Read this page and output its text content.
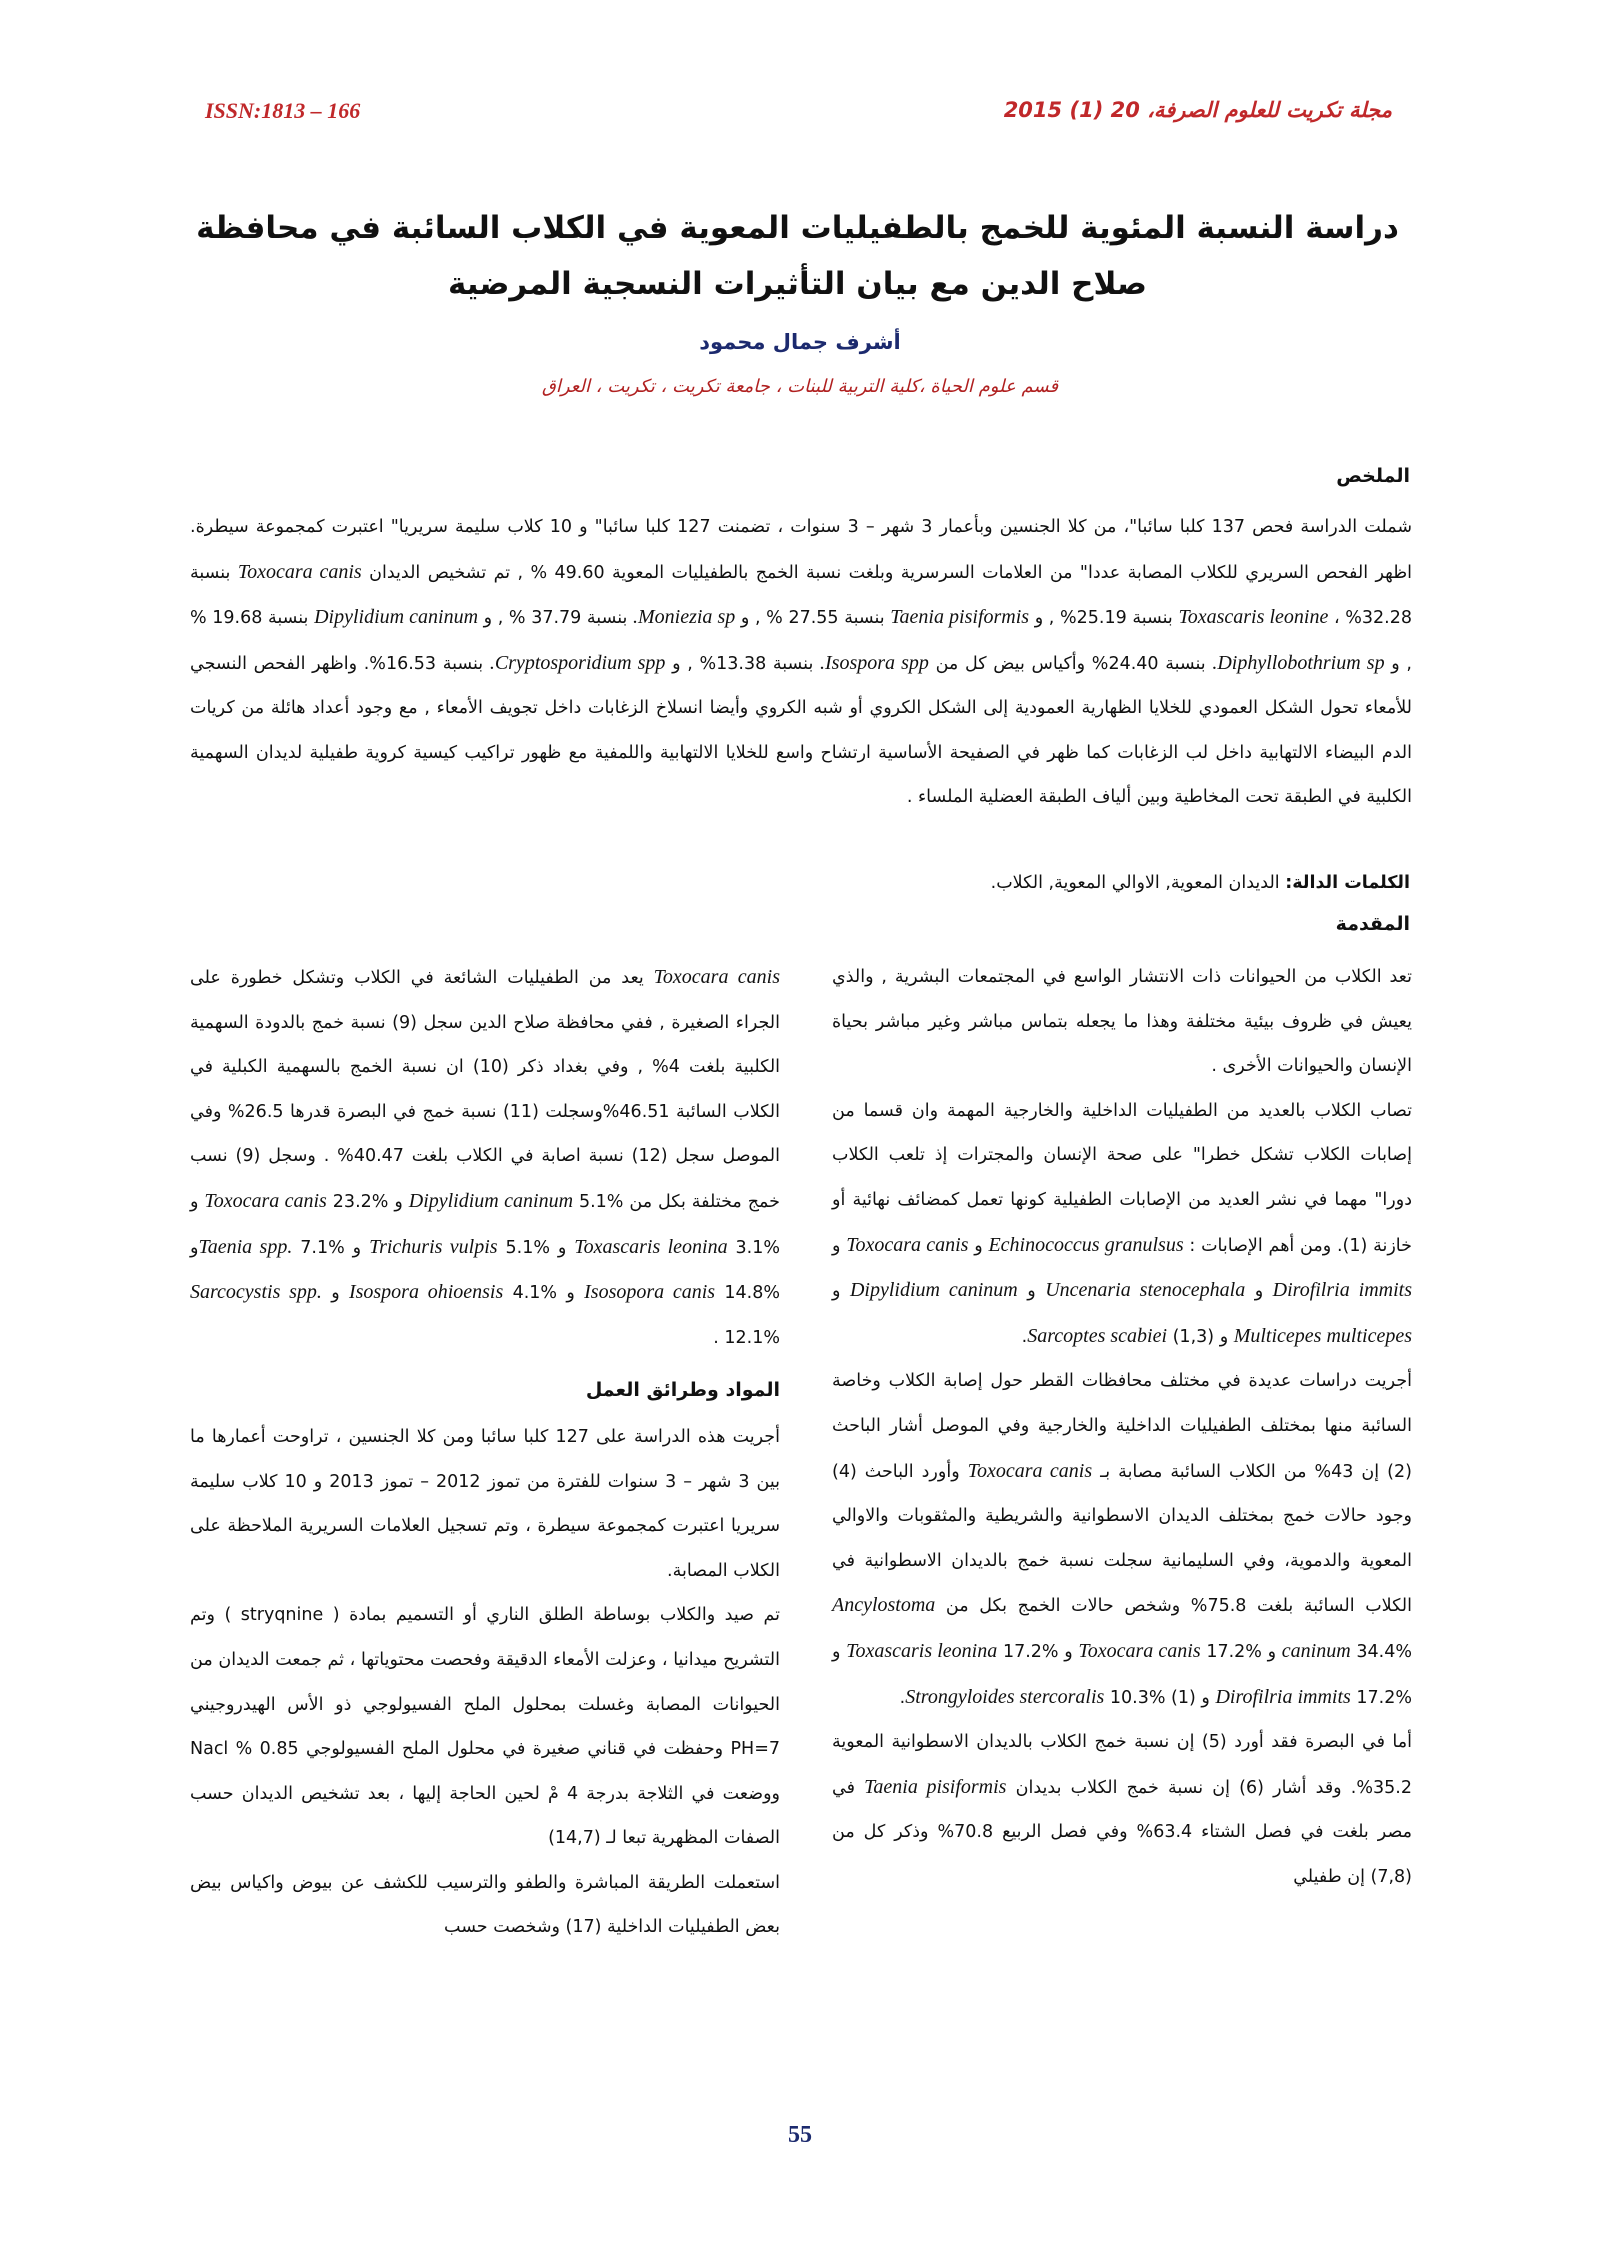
مجلة تكريت للعلوم الصرفة، 20 (1) 2015
ISSN:1813 – 166
دراسة النسبة المئوية للخمج بالطفيليات المعوية في الكلاب السائبة في محافظة صلاح الدين مع بيان التأثيرات النسجية المرضية
أشرف جمال محمود
قسم علوم الحياة ،كلية التربية للبنات ، جامعة تكريت ، تكريت ، العراق
الملخص
شملت الدراسة فحص 137 كلبا سائبا"، من كلا الجنسين وبأعمار 3 شهر – 3 سنوات ، تضمنت 127 كلبا سائبا" و 10 كلاب سليمة سريريا" اعتبرت كمجموعة سيطرة. اظهر الفحص السريري للكلاب المصابة عددا" من العلامات السرسرية وبلغت نسبة الخمج بالطفيليات المعوية 49.60 % , تم تشخيص الديدان Toxocara canis بنسبة 32.28% ، Toxascaris leonine بنسبة 25.19% , و Taenia pisiformis بنسبة 27.55 % , و Moniezia sp. بنسبة 37.79 % , و Dipylidium caninum بنسبة 19.68 % , و Diphyllobothrium sp. بنسبة 24.40% وأكياس بيض كل من Isospora spp. بنسبة 13.38% , و Cryptosporidium spp. بنسبة 16.53%. واظهر الفحص النسجي للأمعاء تحول الشكل العمودي للخلايا الظهارية العمودية إلى الشكل الكروي أو شبه الكروي وأيضا انسلاخ الزغابات داخل تجويف الأمعاء , مع وجود أعداد هائلة من كريات الدم البيضاء الالتهابية داخل لب الزغابات كما ظهر في الصفيحة الأساسية ارتشاح واسع للخلايا الالتهابية واللمفية مع ظهور تراكيب كيسية كروية طفيلية لديدان السهمية الكلبية في الطبقة تحت المخاطية وبين ألياف الطبقة العضلية الملساء .
الكلمات الدالة: الديدان المعوية, الاوالي المعوية, الكلاب.
المقدمة

تعد الكلاب من الحيوانات ذات الانتشار الواسع في المجتمعات البشرية , والذي يعيش في ظروف بيئية مختلفة وهذا ما يجعله بتماس مباشر وغير مباشر بحياة الإنسان والحيوانات الأخرى .

تصاب الكلاب بالعديد من الطفيليات الداخلية والخارجية المهمة وان قسما من إصابات الكلاب تشكل خطرا" على صحة الإنسان والمجترات إذ تلعب الكلاب دورا" مهما في نشر العديد من الإصابات الطفيلية كونها تعمل كمضائف نهائية أو خازنة (1). ومن أهم الإصابات : Echinococcus granulsus و Toxocara canis و Dirofilria immits و Uncenaria stenocephala و Dipylidium caninum و Multicepes multicepes و Sarcoptes scabiei (1,3).

أجريت دراسات عديدة في مختلف محافظات القطر حول إصابة الكلاب وخاصة السائبة منها بمختلف الطفيليات الداخلية والخارجية وفي الموصل أشار الباحث (2) إن 43% من الكلاب السائبة مصابة بـ Toxocara canis وأورد الباحث (4) وجود حالات خمج بمختلف الديدان الاسطوانية والشريطية والمثقوبات والاوالي المعوية والدموية، وفي السليمانية سجلت نسبة خمج بالديدان الاسطوانية في الكلاب السائبة بلغت 75.8% وشخص حالات الخمج بكل من Ancylostoma caninum 34.4% و Toxocara canis 17.2% و Toxascaris leonina 17.2% و Dirofilria immits 17.2% و Strongyloides stercoralis 10.3% (1).

أما في البصرة فقد أورد (5) إن نسبة خمج الكلاب بالديدان الاسطوانية المعوية 35.2%. وقد أشار (6) إن نسبة خمج الكلاب بديدان Taenia pisiformis في مصر بلغت في فصل الشتاء 63.4% وفي فصل الربيع 70.8% وذكر كل من (7,8) إن طفيلي

Toxocara canis يعد من الطفيليات الشائعة في الكلاب وتشكل خطورة على الجراء الصغيرة , ففي محافظة صلاح الدين سجل (9) نسبة خمج بالدودة السهمية الكلبية بلغت 4% , وفي بغداد ذكر (10) ان نسبة الخمج بالسهمية الكبلية في الكلاب السائبة 46.51%وسجلت (11) نسبة خمج في البصرة قدرها 26.5% وفي الموصل سجل (12) نسبة اصابة في الكلاب بلغت 40.47% . وسجل (9) نسب خمج مختلفة بكل من Dipylidium caninum 5.1% و Toxocara canis 23.2% و Toxascaris leonina 3.1% و Trichuris vulpis 5.1% و Taenia spp. 7.1%و Isosopora canis 14.8% و Isospora ohioensis 4.1% و Sarcocystis spp. 12.1% .

المواد وطرائق العمل

أجريت هذه الدراسة على 127 كلبا سائبا ومن كلا الجنسين ، تراوحت أعمارها ما بين 3 شهر – 3 سنوات للفترة من تموز 2012 – تموز 2013 و 10 كلاب سليمة سريريا اعتبرت كمجموعة سيطرة ، وتم تسجيل العلامات السريرية الملاحظة على الكلاب المصابة.

تم صيد والكلاب بوساطة الطلق الناري أو التسميم بمادة ( stryqnine ) وتم التشريح ميدانيا ، وعزلت الأمعاء الدقيقة وفحصت محتوياتها ، ثم جمعت الديدان من الحيوانات المصابة وغسلت بمحلول الملح الفسيولوجي ذو الأس الهيدروجيني PH=7 وحفظت في قناني صغيرة في محلول الملح الفسيولوجي 0.85 % Nacl ووضعت في الثلاجة بدرجة 4 مْ لحين الحاجة إليها ، بعد تشخيص الديدان حسب الصفات المظهرية تبعا لـ (14,7)

استعملت الطريقة المباشرة والطفو والترسيب للكشف عن بيوض واكياس بيض بعض الطفيليات الداخلية (17) وشخصت حسب

55
